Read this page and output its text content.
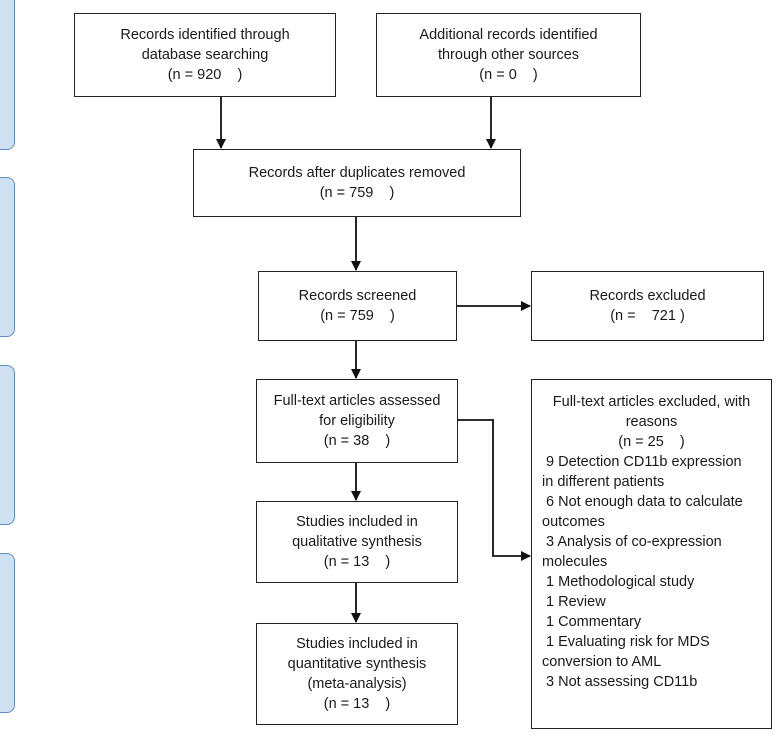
Records identified through
database searching
(n = 920    )
Additional records identified
through other sources
(n = 0    )
Records after duplicates removed
(n = 759    )
Records screened
(n = 759    )
Records excluded
(n =    721 )
Full-text articles assessed
for eligibility
(n = 38    )
Studies included in
qualitative synthesis
(n = 13    )
Studies included in
quantitative synthesis
(meta-analysis)
(n = 13    )
Full-text articles excluded, with
reasons
(n = 25    )
9 Detection CD11b expression
in different patients
6 Not enough data to calculate
outcomes
3 Analysis of co-expression
molecules
1 Methodological study
1 Review
1 Commentary
1 Evaluating risk for MDS
conversion to AML
3 Not assessing CD11b
